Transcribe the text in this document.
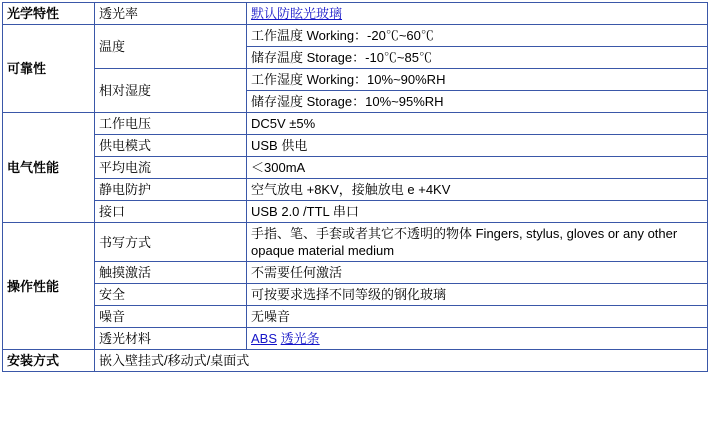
光学特性	透光率	默认防眩光玻璃
可靠性	温度	工作温度 Working：-20℃~60℃
		储存温度 Storage：-10℃~85℃
	相对湿度	工作湿度 Working：10%~90%RH
		储存湿度 Storage：10%~95%RH
电气性能	工作电压	DC5V ±5%
	供电模式	USB 供电
	平均电流	＜300mA
	静电防护	空气放电 +8KV，接触放电 e +4KV
	接口	USB 2.0 /TTL 串口
操作性能	书写方式	手指、笔、手套或者其它不透明的物体 Fingers, stylus, gloves or any other opaque material medium
	触摸激活	不需要任何激活
	安全	可按要求选择不同等级的钢化玻璃
	噪音	无噪音
	透光材料	ABS 透光条
安装方式	嵌入壁挂式/移动式/桌面式	
